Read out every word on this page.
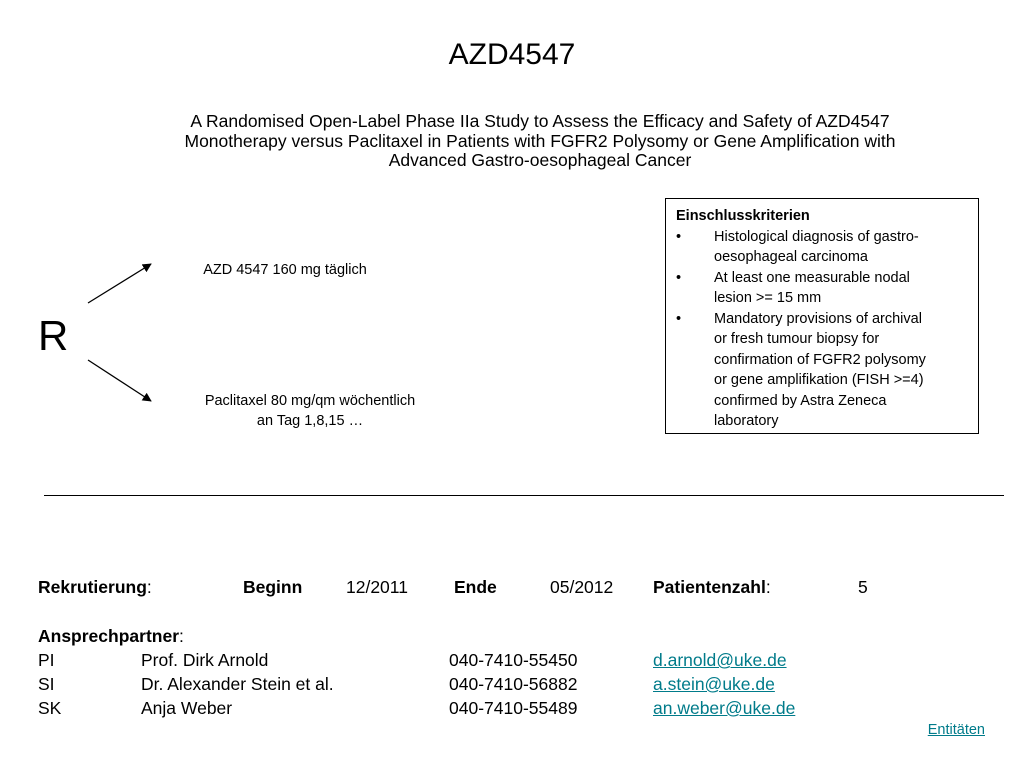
AZD4547
A Randomised Open-Label Phase IIa Study to Assess the Efficacy and Safety of AZD4547
Monotherapy versus Paclitaxel in Patients with FGFR2 Polysomy or Gene Amplification with
Advanced Gastro-oesophageal Cancer
R
AZD 4547 160 mg täglich
Paclitaxel 80 mg/qm wöchentlich
an Tag 1,8,15 …
Einschlusskriterien
• Histological diagnosis of gastro-
oesophageal carcinoma
• At least one measurable nodal
lesion >= 15 mm
• Mandatory provisions of archival
or fresh tumour biopsy for
confirmation of FGFR2 polysomy
or gene amplifikation (FISH >=4)
confirmed by Astra Zeneca
laboratory
Rekrutierung:	Beginn 12/2011	Ende	05/2012 Patientenzahl:	5
Ansprechpartner:
PI	Prof. Dirk Arnold	040-7410-55450	d.arnold@uke.de
SI	Dr. Alexander Stein et al.	040-7410-56882	a.stein@uke.de
SK	Anja Weber	040-7410-55489	an.weber@uke.de
Entitäten
